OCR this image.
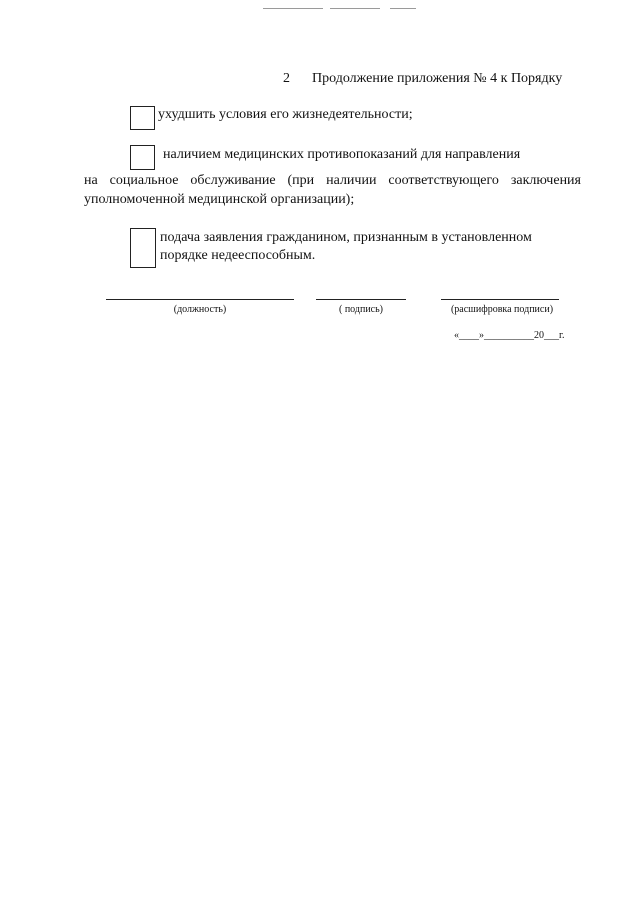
2 Продолжение приложения № 4 к Порядку
ухудшить условия его жизнедеятельности;
наличием медицинских противопоказаний для направления
на социальное обслуживание (при наличии соответствующего заключения
уполномоченной медицинской организации);
подача заявления гражданином, признанным в установленном
порядке недееспособным.
(должность)	( подпись)	(расшифровка подписи)
«____»__________20___г.
